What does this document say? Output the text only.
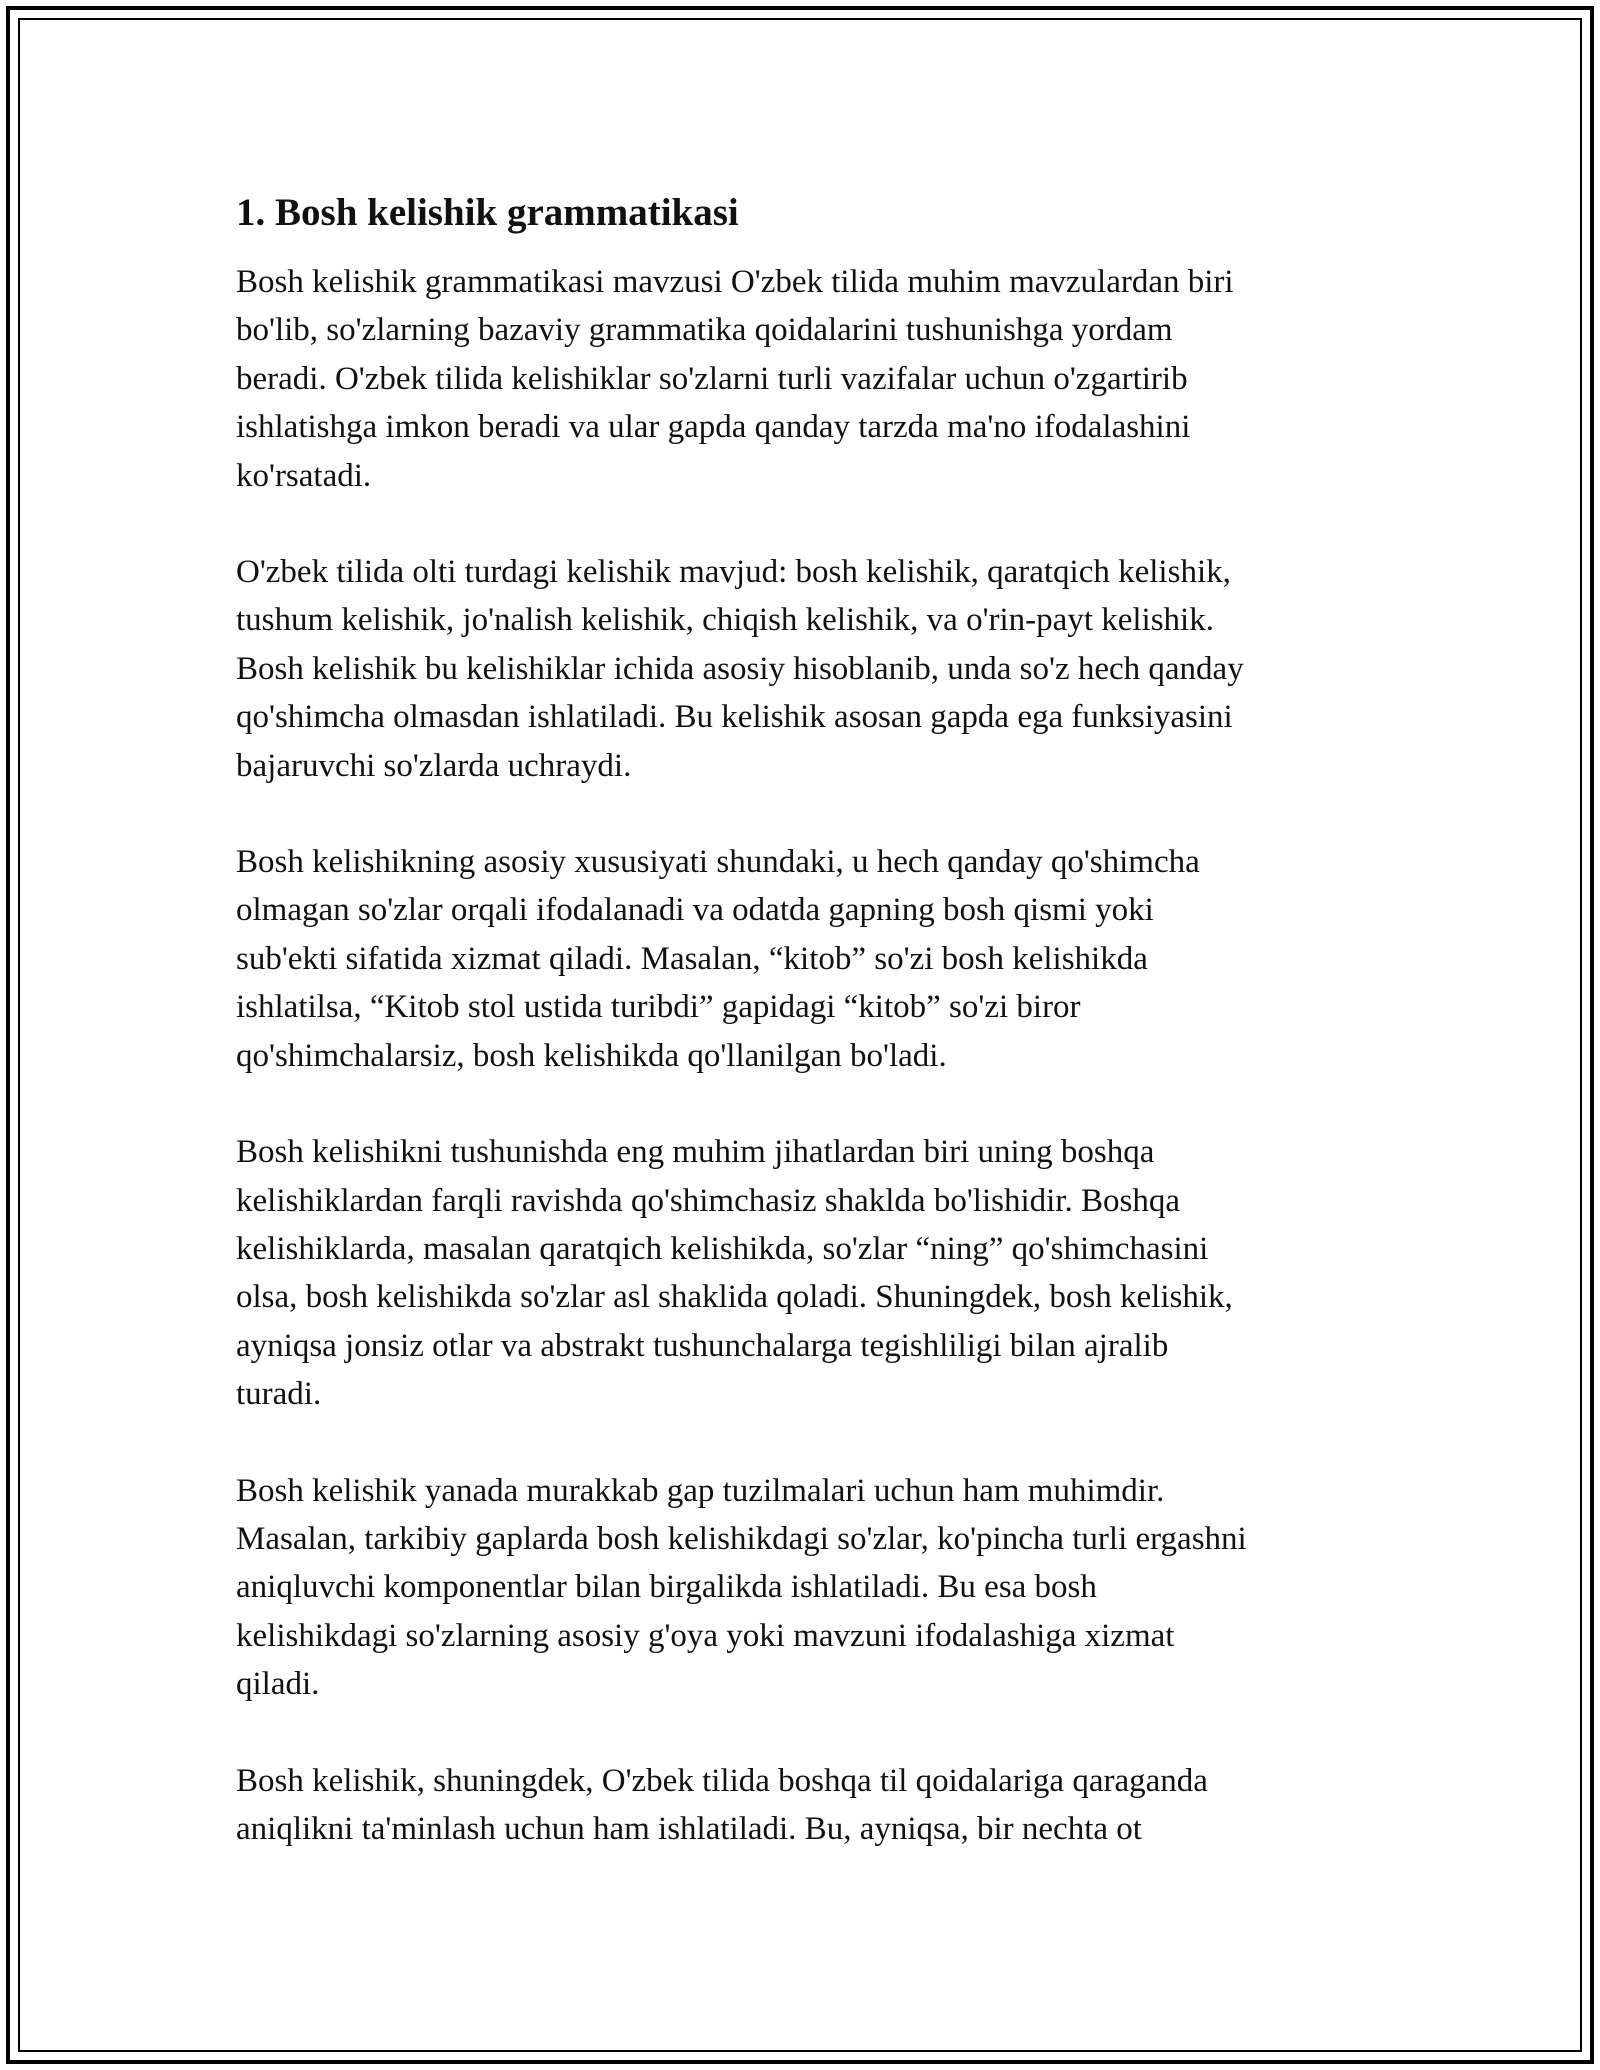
1. Bosh kelishik grammatikasi

Bosh kelishik grammatikasi mavzusi O'zbek tilida muhim mavzulardan biri
bo'lib, so'zlarning bazaviy grammatika qoidalarini tushunishga yordam
beradi. O'zbek tilida kelishiklar so'zlarni turli vazifalar uchun o'zgartirib
ishlatishga imkon beradi va ular gapda qanday tarzda ma'no ifodalashini
ko'rsatadi.

O'zbek tilida olti turdagi kelishik mavjud: bosh kelishik, qaratqich kelishik,
tushum kelishik, jo'nalish kelishik, chiqish kelishik, va o'rin-payt kelishik.
Bosh kelishik bu kelishiklar ichida asosiy hisoblanib, unda so'z hech qanday
qo'shimcha olmasdan ishlatiladi. Bu kelishik asosan gapda ega funksiyasini
bajaruvchi so'zlarda uchraydi.

Bosh kelishikning asosiy xususiyati shundaki, u hech qanday qo'shimcha
olmagan so'zlar orqali ifodalanadi va odatda gapning bosh qismi yoki
sub'ekti sifatida xizmat qiladi. Masalan, “kitob” so'zi bosh kelishikda
ishlatilsa, “Kitob stol ustida turibdi” gapidagi “kitob” so'zi biror
qo'shimchalarsiz, bosh kelishikda qo'llanilgan bo'ladi.

Bosh kelishikni tushunishda eng muhim jihatlardan biri uning boshqa
kelishiklardan farqli ravishda qo'shimchasiz shaklda bo'lishidir. Boshqa
kelishiklarda, masalan qaratqich kelishikda, so'zlar “ning” qo'shimchasini
olsa, bosh kelishikda so'zlar asl shaklida qoladi. Shuningdek, bosh kelishik,
ayniqsa jonsiz otlar va abstrakt tushunchalarga tegishliligi bilan ajralib
turadi.

Bosh kelishik yanada murakkab gap tuzilmalari uchun ham muhimdir.
Masalan, tarkibiy gaplarda bosh kelishikdagi so'zlar, ko'pincha turli ergashni
aniqluvchi komponentlar bilan birgalikda ishlatiladi. Bu esa bosh
kelishikdagi so'zlarning asosiy g'oya yoki mavzuni ifodalashiga xizmat
qiladi.

Bosh kelishik, shuningdek, O'zbek tilida boshqa til qoidalariga qaraganda
aniqlikni ta'minlash uchun ham ishlatiladi. Bu, ayniqsa, bir nechta ot
